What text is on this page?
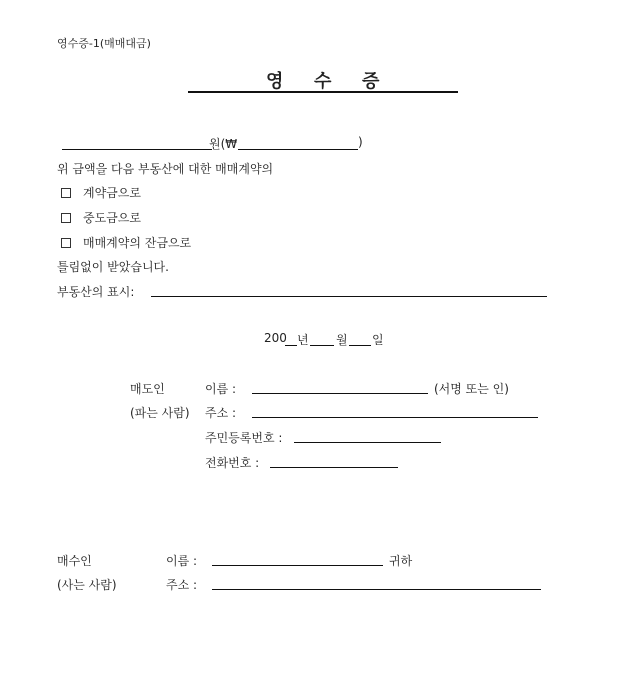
영수증-1(매매대금)
영 수 증
원(₩	)
위 금액을 다음 부동산에 대한 매매계약의
계약금으로
중도금으로
매매계약의 잔금으로
틀림없이 받았습니다.
부동산의 표시:
200 년 월 일
매도인
(파는 사람)
이름 :	(서명 또는 인)
주소 :
주민등록번호 :
전화번호 :
매수인
(사는 사람)
이름 :	귀하
주소 :
